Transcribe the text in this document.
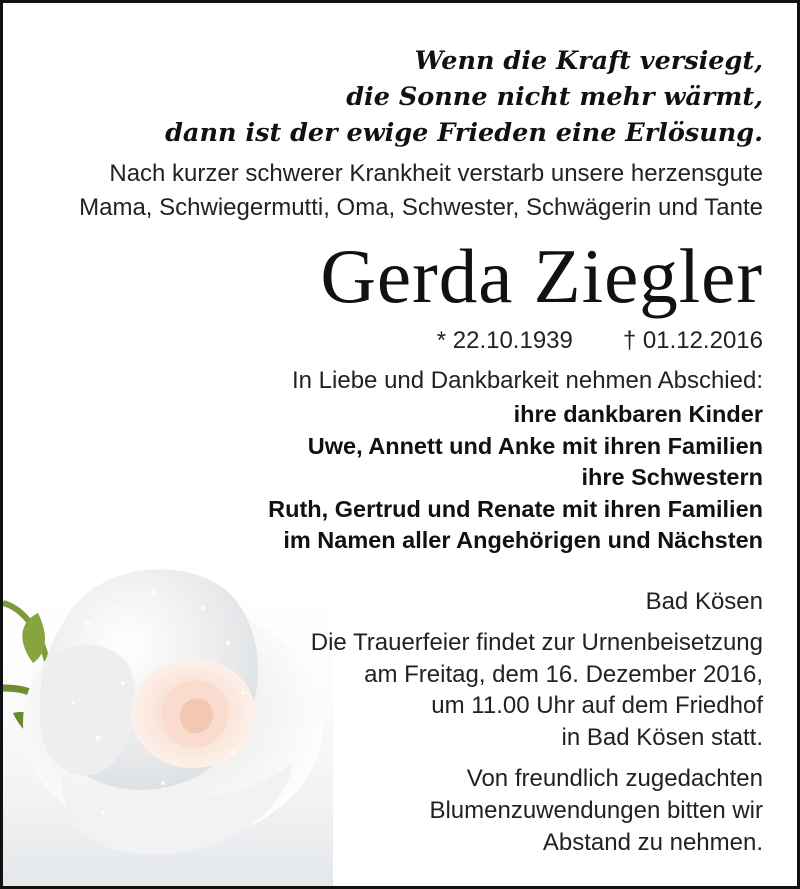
Wenn die Kraft versiegt,
die Sonne nicht mehr wärmt,
dann ist der ewige Frieden eine Erlösung.
Nach kurzer schwerer Krankheit verstarb unsere herzensgute
Mama, Schwiegermutti, Oma, Schwester, Schwägerin und Tante
Gerda Ziegler
* 22.10.1939 † 01.12.2016
In Liebe und Dankbarkeit nehmen Abschied:
ihre dankbaren Kinder
Uwe, Annett und Anke mit ihren Familien
ihre Schwestern
Ruth, Gertrud und Renate mit ihren Familien
im Namen aller Angehörigen und Nächsten
Bad Kösen
Die Trauerfeier findet zur Urnenbeisetzung
am Freitag, dem 16. Dezember 2016,
um 11.00 Uhr auf dem Friedhof
in Bad Kösen statt.
Von freundlich zugedachten
Blumenzuwendungen bitten wir
Abstand zu nehmen.
